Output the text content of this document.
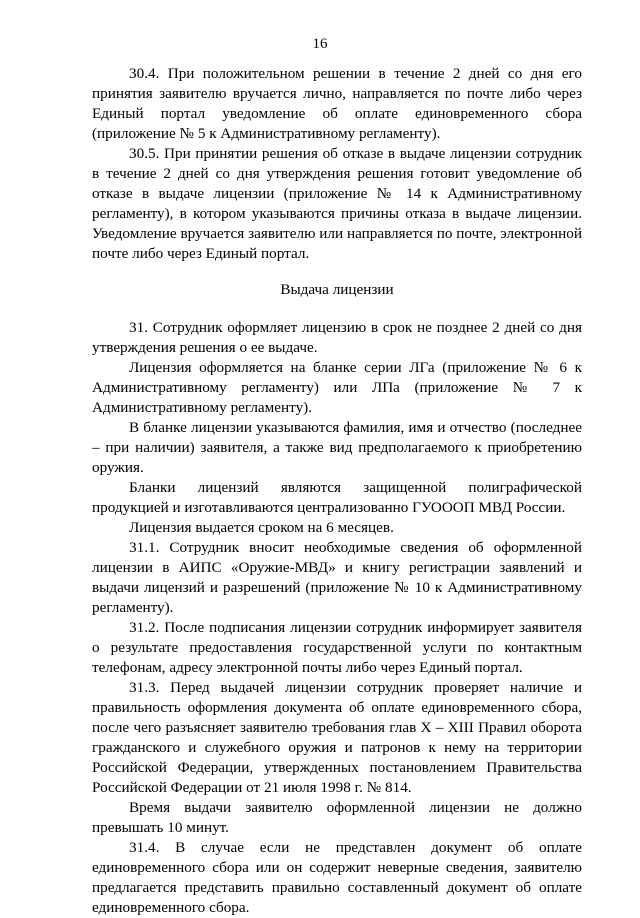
16

30.4. При положительном решении в течение 2 дней со дня его принятия заявителю вручается лично, направляется по почте либо через Единый портал уведомление об оплате единовременного сбора (приложение № 5 к Административному регламенту).

30.5. При принятии решения об отказе в выдаче лицензии сотрудник в течение 2 дней со дня утверждения решения готовит уведомление об отказе в выдаче лицензии (приложение № 14 к Административному регламенту), в котором указываются причины отказа в выдаче лицензии. Уведомление вручается заявителю или направляется по почте, электронной почте либо через Единый портал.

Выдача лицензии

31. Сотрудник оформляет лицензию в срок не позднее 2 дней со дня утверждения решения о ее выдаче.

Лицензия оформляется на бланке серии ЛГа (приложение № 6 к Административному регламенту) или ЛПа (приложение № 7 к Административному регламенту).

В бланке лицензии указываются фамилия, имя и отчество (последнее – при наличии) заявителя, а также вид предполагаемого к приобретению оружия.

Бланки лицензий являются защищенной полиграфической продукцией и изготавливаются централизованно ГУОООП МВД России.

Лицензия выдается сроком на 6 месяцев.

31.1. Сотрудник вносит необходимые сведения об оформленной лицензии в АИПС «Оружие-МВД» и книгу регистрации заявлений и выдачи лицензий и разрешений (приложение № 10 к Административному регламенту).

31.2. После подписания лицензии сотрудник информирует заявителя о результате предоставления государственной услуги по контактным телефонам, адресу электронной почты либо через Единый портал.

31.3. Перед выдачей лицензии сотрудник проверяет наличие и правильность оформления документа об оплате единовременного сбора, после чего разъясняет заявителю требования глав X – XIII Правил оборота гражданского и служебного оружия и патронов к нему на территории Российской Федерации, утвержденных постановлением Правительства Российской Федерации от 21 июля 1998 г. № 814.

Время выдачи заявителю оформленной лицензии не должно превышать 10 минут.

31.4. В случае если не представлен документ об оплате единовременного сбора или он содержит неверные сведения, заявителю предлагается представить правильно составленный документ об оплате единовременного сбора.
